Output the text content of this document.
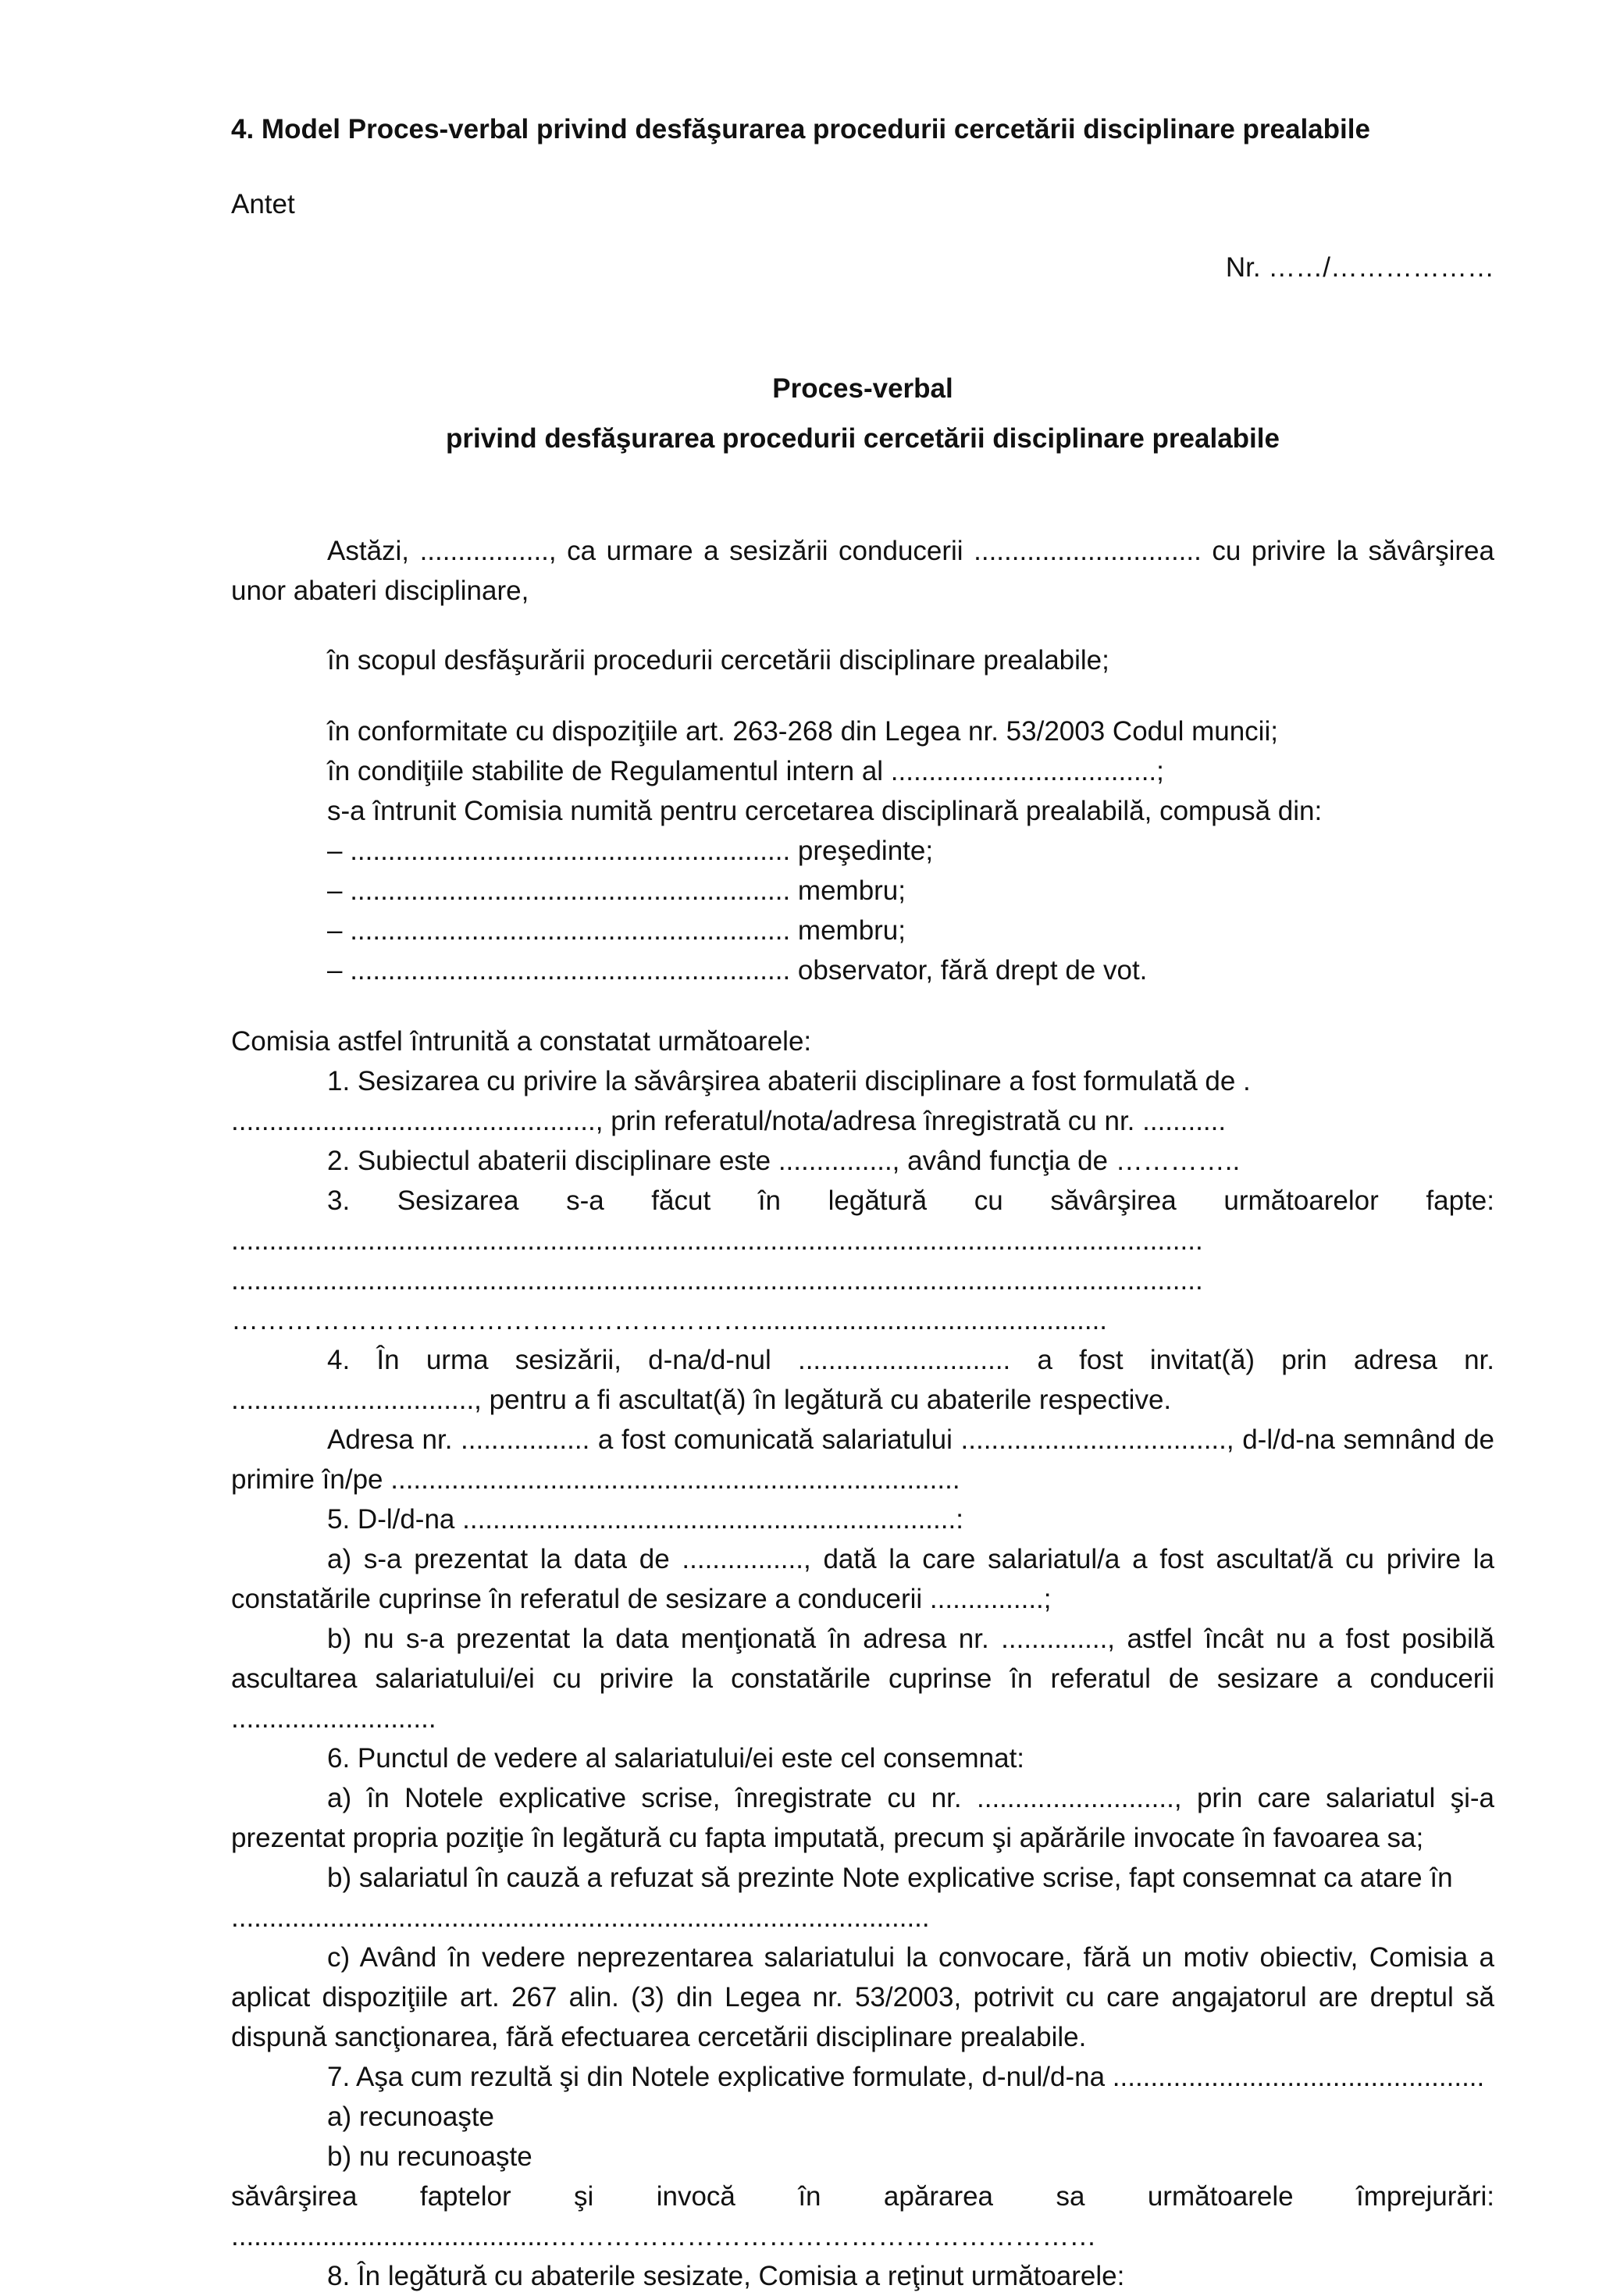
4. Model Proces-verbal privind desfăşurarea procedurii cercetării disciplinare prealabile

Antet

Nr. ……/………………

Proces-verbal
privind desfăşurarea procedurii cercetării disciplinare prealabile

Astăzi, ................., ca urmare a sesizării conducerii .............................. cu privire la săvârşirea unor abateri disciplinare,

în scopul desfăşurării procedurii cercetării disciplinare prealabile;

în conformitate cu dispoziţiile art. 263-268 din Legea nr. 53/2003 Codul muncii;

în condiţiile stabilite de Regulamentul intern al ...................................;

s-a întrunit Comisia numită pentru cercetarea disciplinară prealabilă, compusă din:

– .......................................................... preşedinte;
– .......................................................... membru;
– .......................................................... membru;
– .......................................................... observator, fără drept de vot.

Comisia astfel întrunită a constatat următoarele:

1. Sesizarea cu privire la săvârşirea abaterii disciplinare a fost formulată de .

................................................, prin referatul/nota/adresa înregistrată cu nr. ...........

2. Subiectul abaterii disciplinare este ..............., având funcţia de …………..

3. Sesizarea s-a făcut în legătură cu săvârşirea următoarelor fapte:

................................................................................................................................

................................................................................................................................

…………………………………………………...............................................

4. În urma sesizării, d-na/d-nul ............................ a fost invitat(ă) prin adresa nr.

................................, pentru a fi ascultat(ă) în legătură cu abaterile respective.

Adresa nr. ................. a fost comunicată salariatului ..................................., d-l/d-na semnând de primire în/pe ...........................................................................

5. D-l/d-na .................................................................:

a) s-a prezentat la data de ................, dată la care salariatul/a a fost ascultat/ă cu privire la constatările cuprinse în referatul de sesizare a conducerii ...............;

b) nu s-a prezentat la data menţionată în adresa nr. .............., astfel încât nu a fost posibilă ascultarea salariatului/ei cu privire la constatările cuprinse în referatul de sesizare a conducerii ...........................

6. Punctul de vedere al salariatului/ei este cel consemnat:

a) în Notele explicative scrise, înregistrate cu nr. .........................., prin care salariatul şi-a prezentat propria poziţie în legătură cu fapta imputată, precum şi apărările invocate în favoarea sa;

b) salariatul în cauză a refuzat să prezinte Note explicative scrise, fapt consemnat ca atare în ............................................................................................

c) Având în vedere neprezentarea salariatului la convocare, fără un motiv obiectiv, Comisia a aplicat dispoziţiile art. 267 alin. (3) din Legea nr. 53/2003, potrivit cu care angajatorul are dreptul să dispună sancţionarea, fără efectuarea cercetării disciplinare prealabile.

7. Aşa cum rezultă şi din Notele explicative formulate, d-nul/d-na .................................................

a) recunoaşte

b) nu recunoaşte

săvârşirea faptelor şi invocă în apărarea sa următoarele împrejurări:

..........................................……………………………………………………

8. În legătură cu abaterile sesizate, Comisia a reţinut următoarele:
